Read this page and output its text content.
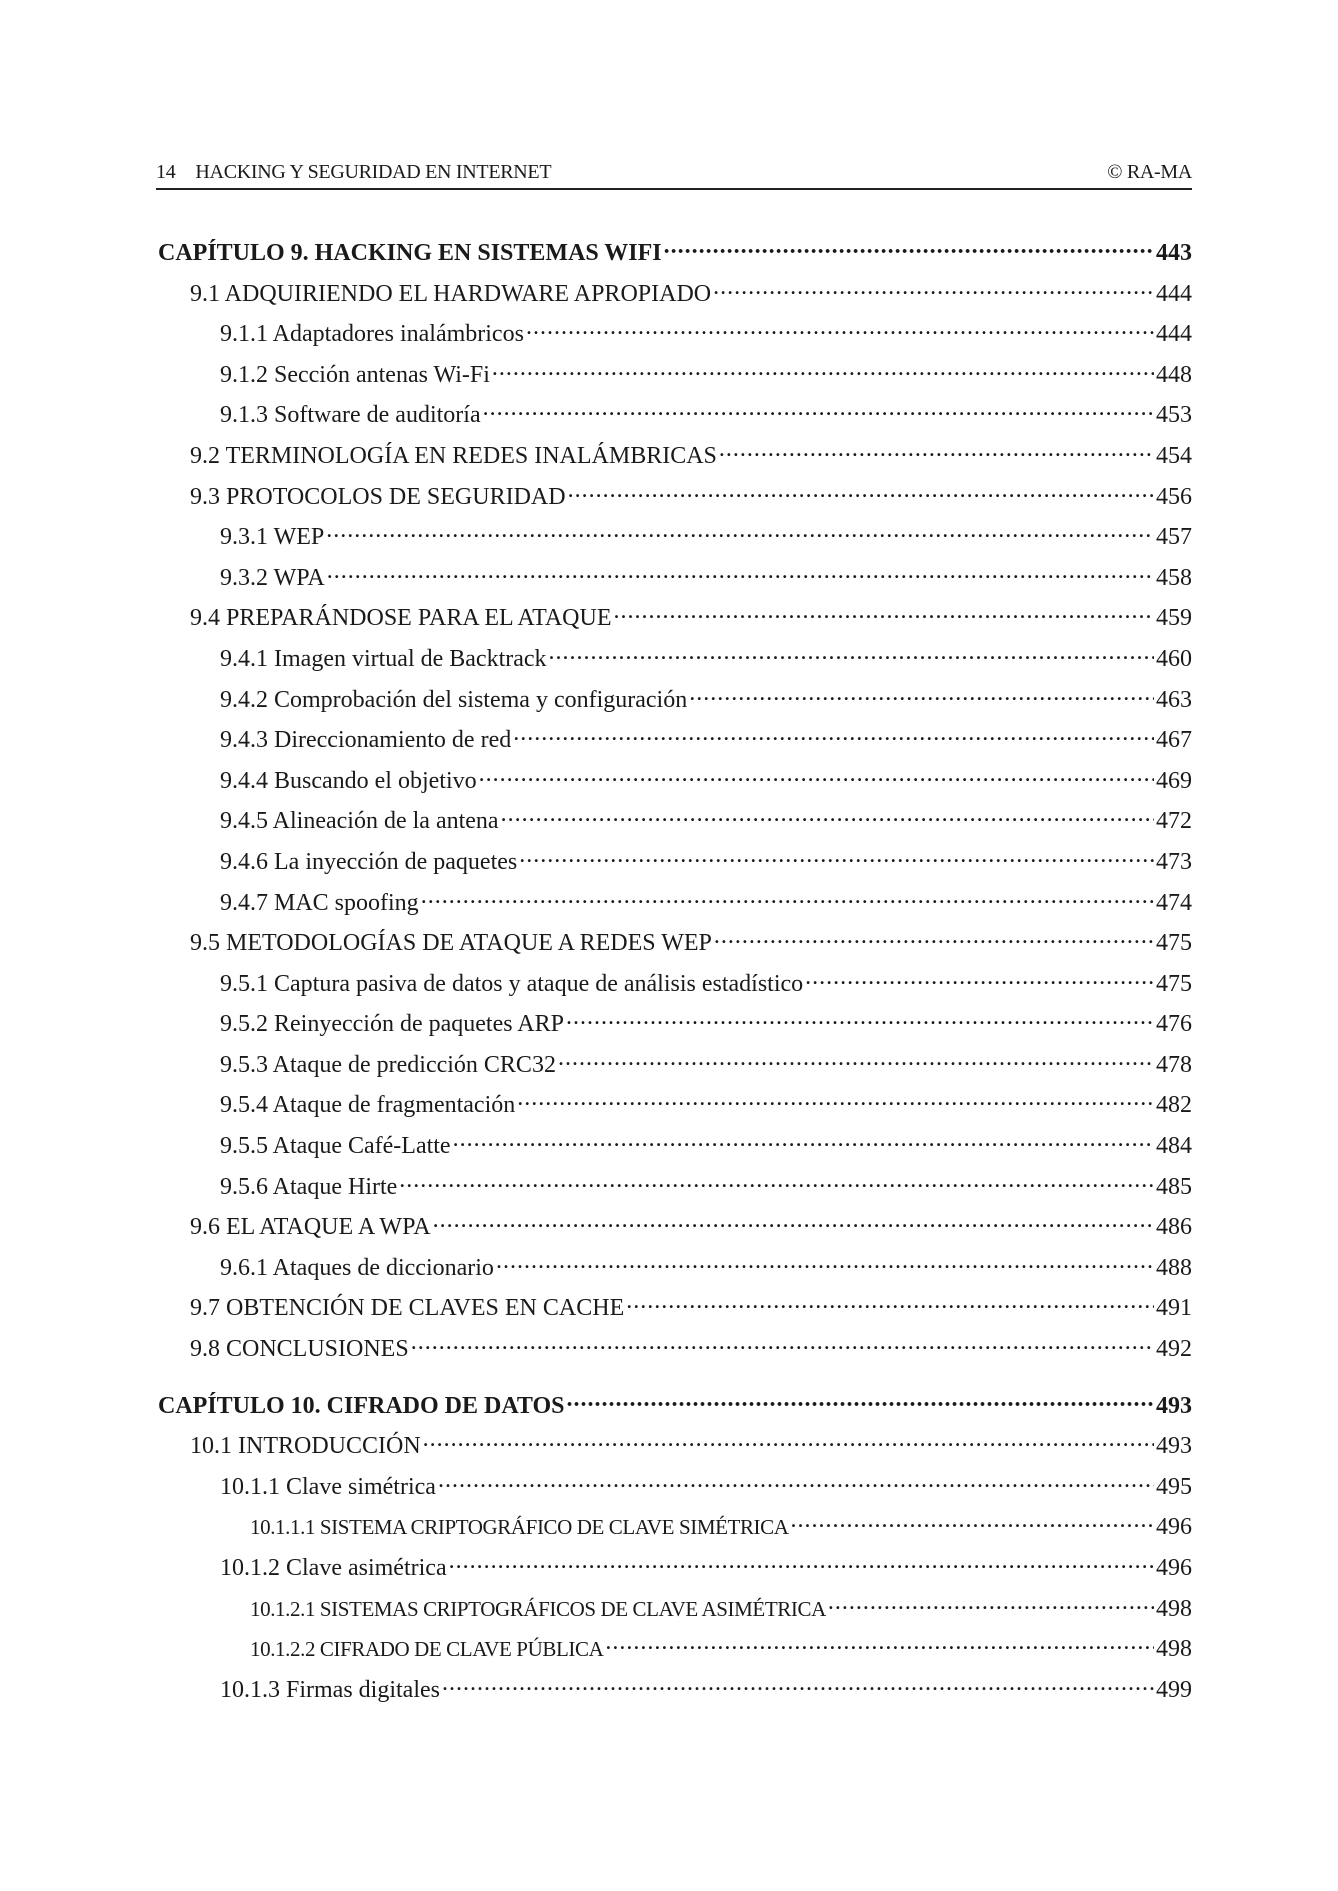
14 HACKING Y SEGURIDAD EN INTERNET	© RA-MA
CAPÍTULO 9. HACKING EN SISTEMAS WIFI .....	443
9.1 ADQUIRIENDO EL HARDWARE APROPIADO .....	444
9.1.1 Adaptadores inalámbricos .....	444
9.1.2 Sección antenas Wi-Fi .....	448
9.1.3 Software de auditoría .....	453
9.2 TERMINOLOGÍA EN REDES INALÁMBRICAS .....	454
9.3 PROTOCOLOS DE SEGURIDAD .....	456
9.3.1 WEP .....	457
9.3.2 WPA .....	458
9.4 PREPARÁNDOSE PARA EL ATAQUE .....	459
9.4.1 Imagen virtual de Backtrack .....	460
9.4.2 Comprobación del sistema y configuración .....	463
9.4.3 Direccionamiento de red .....	467
9.4.4 Buscando el objetivo .....	469
9.4.5 Alineación de la antena .....	472
9.4.6 La inyección de paquetes .....	473
9.4.7 MAC spoofing .....	474
9.5 METODOLOGÍAS DE ATAQUE A REDES WEP .....	475
9.5.1 Captura pasiva de datos y ataque de análisis estadístico .....	475
9.5.2 Reinyección de paquetes ARP .....	476
9.5.3 Ataque de predicción CRC32 .....	478
9.5.4 Ataque de fragmentación .....	482
9.5.5 Ataque Café-Latte .....	484
9.5.6 Ataque Hirte .....	485
9.6 EL ATAQUE A WPA .....	486
9.6.1 Ataques de diccionario .....	488
9.7 OBTENCIÓN DE CLAVES EN CACHE .....	491
9.8 CONCLUSIONES .....	492
CAPÍTULO 10. CIFRADO DE DATOS .....	493
10.1 INTRODUCCIÓN .....	493
10.1.1 Clave simétrica .....	495
10.1.1.1 SISTEMA CRIPTOGRÁFICO DE CLAVE SIMÉTRICA .....	496
10.1.2 Clave asimétrica .....	496
10.1.2.1 SISTEMAS CRIPTOGRÁFICOS DE CLAVE ASIMÉTRICA .....	498
10.1.2.2 CIFRADO DE CLAVE PÚBLICA .....	498
10.1.3 Firmas digitales .....	499
